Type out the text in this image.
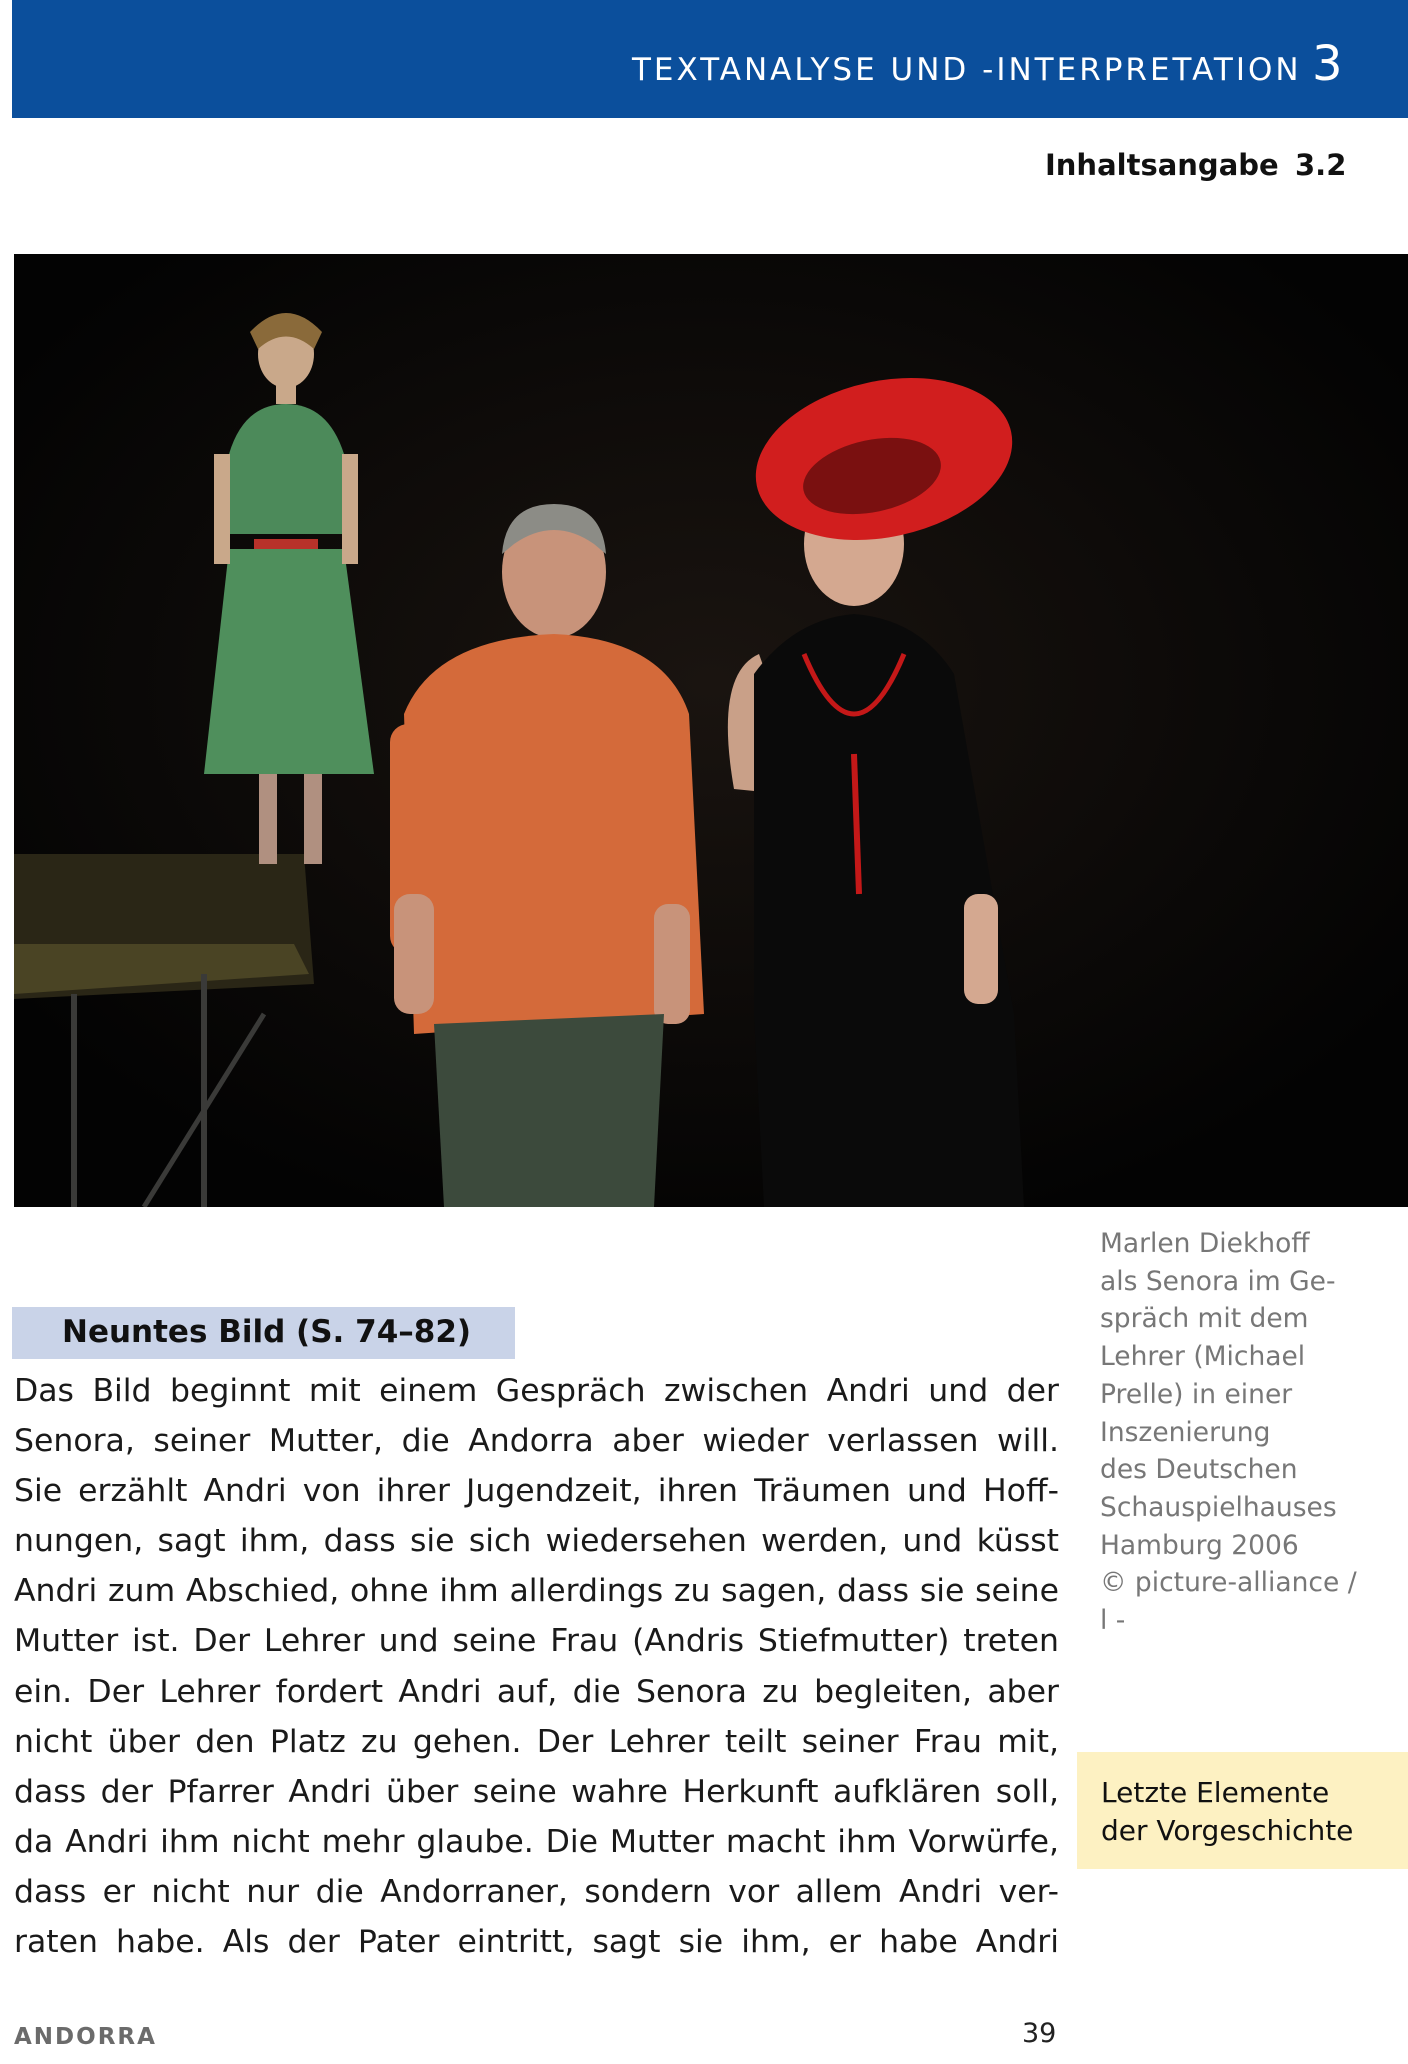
TEXTANALYSE UND -INTERPRETATION 3
Inhaltsangabe 3.2
Marlen Diekhoff
als Senora im Ge-
spräch mit dem
Lehrer (Michael
Prelle) in einer
Inszenierung
des Deutschen
Schauspielhauses
Hamburg 2006
© picture-alliance /
l -
Neuntes Bild (S. 74–82)
Das Bild beginnt mit einem Gespräch zwischen Andri und der
Senora, seiner Mutter, die Andorra aber wieder verlassen will.
Sie erzählt Andri von ihrer Jugendzeit, ihren Träumen und Hoff-
nungen, sagt ihm, dass sie sich wiedersehen werden, und küsst
Andri zum Abschied, ohne ihm allerdings zu sagen, dass sie seine
Mutter ist. Der Lehrer und seine Frau (Andris Stiefmutter) treten
ein. Der Lehrer fordert Andri auf, die Senora zu begleiten, aber
nicht über den Platz zu gehen. Der Lehrer teilt seiner Frau mit,
dass der Pfarrer Andri über seine wahre Herkunft aufklären soll,
da Andri ihm nicht mehr glaube. Die Mutter macht ihm Vorwürfe,
dass er nicht nur die Andorraner, sondern vor allem Andri ver-
raten habe. Als der Pater eintritt, sagt sie ihm, er habe Andri
Letzte Elemente
der Vorgeschichte
ANDORRA	39
